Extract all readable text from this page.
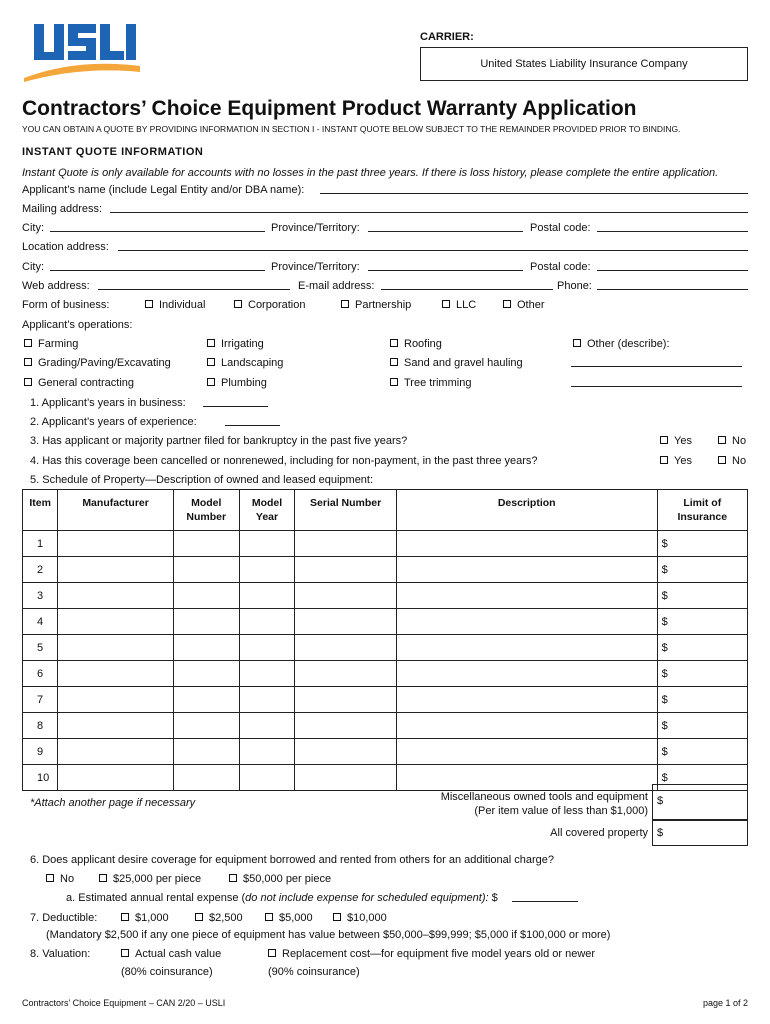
CARRIER:
United States Liability Insurance Company
Contractors’ Choice Equipment Product Warranty Application
YOU CAN OBTAIN A QUOTE BY PROVIDING INFORMATION IN SECTION I - INSTANT QUOTE BELOW SUBJECT TO THE REMAINDER PROVIDED PRIOR TO BINDING.
INSTANT QUOTE INFORMATION
Instant Quote is only available for accounts with no losses in the past three years. If there is loss history, please complete the entire application.
Applicant’s name (include Legal Entity and/or DBA name):
Mailing address:
City:	Province/Territory:	Postal code:
Location address:
City:	Province/Territory:	Postal code:
Web address:	E-mail address:	Phone:
Form of business:	Individual	Corporation	Partnership	LLC	Other
Applicant’s operations:
Farming	Irrigating	Roofing	Other (describe):
Grading/Paving/Excavating	Landscaping	Sand and gravel hauling
General contracting	Plumbing	Tree trimming
1. Applicant’s years in business:
2. Applicant’s years of experience:
3. Has applicant or majority partner filed for bankruptcy in the past five years?	Yes	No
4. Has this coverage been cancelled or nonrenewed, including for non-payment, in the past three years?	Yes	No
5. Schedule of Property—Description of owned and leased equipment:
Item	Manufacturer	Model Number	Model Year	Serial Number	Description	Limit of Insurance
1						$
2						$
3						$
4						$
5						$
6						$
7						$
8						$
9						$
10						$
*Attach another page if necessary	Miscellaneous owned tools and equipment
(Per item value of less than $1,000)
$
All covered property $
6. Does applicant desire coverage for equipment borrowed and rented from others for an additional charge?
No	$25,000 per piece	$50,000 per piece
a. Estimated annual rental expense (do not include expense for scheduled equipment): $
7. Deductible:	$1,000	$2,500	$5,000	$10,000
(Mandatory $2,500 if any one piece of equipment has value between $50,000–$99,999; $5,000 if $100,000 or more)
8. Valuation:	Actual cash value
(80% coinsurance)
Replacement cost—for equipment five model years old or newer
(90% coinsurance)
Contractors’ Choice Equipment – CAN 2/20 – USLI	page 1 of 2
